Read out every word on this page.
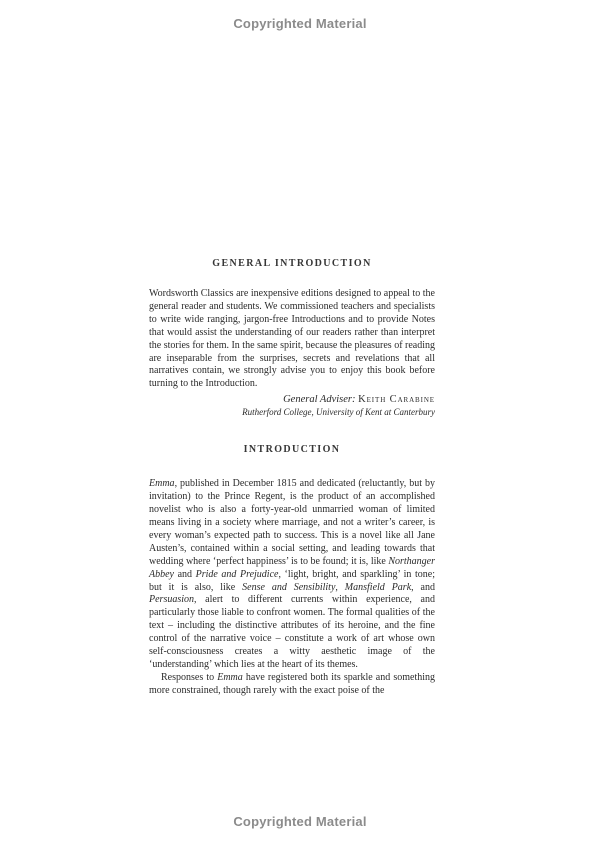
Copyrighted Material
GENERAL INTRODUCTION

Wordsworth Classics are inexpensive editions designed to appeal to the general reader and students. We commissioned teachers and specialists to write wide ranging, jargon-free Introductions and to provide Notes that would assist the understanding of our readers rather than interpret the stories for them. In the same spirit, because the pleasures of reading are inseparable from the surprises, secrets and revelations that all narratives contain, we strongly advise you to enjoy this book before turning to the Introduction.

General Adviser: Keith Carabine
Rutherford College, University of Kent at Canterbury
INTRODUCTION

Emma, published in December 1815 and dedicated (reluctantly, but by invitation) to the Prince Regent, is the product of an accomplished novelist who is also a forty-year-old unmarried woman of limited means living in a society where marriage, and not a writer’s career, is every woman’s expected path to success. This is a novel like all Jane Austen’s, contained within a social setting, and leading towards that wedding where ‘perfect happiness’ is to be found; it is, like Northanger Abbey and Pride and Prejudice, ‘light, bright, and sparkling’ in tone; but it is also, like Sense and Sensibility, Mansfield Park, and Persuasion, alert to different currents within experience, and particularly those liable to confront women. The formal qualities of the text – including the distinctive attributes of its heroine, and the fine control of the narrative voice – constitute a work of art whose own self-consciousness creates a witty aesthetic image of the ‘understanding’ which lies at the heart of its themes.

Responses to Emma have registered both its sparkle and something more constrained, though rarely with the exact poise of the

Copyrighted Material
